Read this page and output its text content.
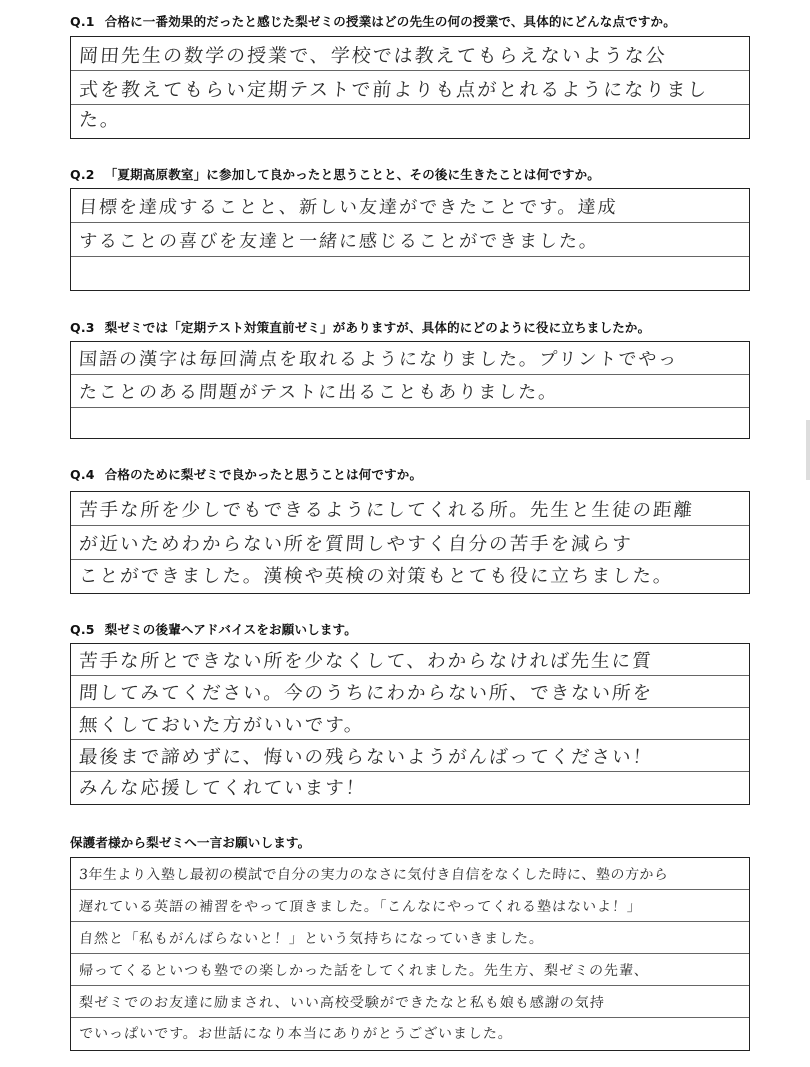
Q.1 合格に一番効果的だったと感じた梨ゼミの授業はどの先生の何の授業で、具体的にどんな点ですか。
岡田先生の数学の授業で、学校では教えてもらえないような公
式を教えてもらい定期テストで前よりも点がとれるようになりまし
た。
Q.2 「夏期高原教室」に参加して良かったと思うことと、その後に生きたことは何ですか。
目標を達成することと、新しい友達ができたことです。達成
することの喜びを友達と一緒に感じることができました。
Q.3 梨ゼミでは「定期テスト対策直前ゼミ」がありますが、具体的にどのように役に立ちましたか。
国語の漢字は毎回満点を取れるようになりました。プリントでやっ
たことのある問題がテストに出ることもありました。
Q.4 合格のために梨ゼミで良かったと思うことは何ですか。
苦手な所を少しでもできるようにしてくれる所。先生と生徒の距離
が近いためわからない所を質問しやすく自分の苦手を減らす
ことができました。漢検や英検の対策もとても役に立ちました。
Q.5 梨ゼミの後輩へアドバイスをお願いします。
苦手な所とできない所を少なくして、わからなければ先生に質
問してみてください。今のうちにわからない所、できない所を
無くしておいた方がいいです。
最後まで諦めずに、悔いの残らないようがんばってください！
みんな応援してくれています！
保護者様から梨ゼミへ一言お願いします。
3年生より入塾し最初の模試で自分の実力のなさに気付き自信をなくした時に、塾の方から
遅れている英語の補習をやって頂きました。「こんなにやってくれる塾はないよ！」
自然と「私もがんばらないと！」という気持ちになっていきました。
帰ってくるといつも塾での楽しかった話をしてくれました。先生方、梨ゼミの先輩、
梨ゼミでのお友達に励まされ、いい高校受験ができたなと私も娘も感謝の気持
でいっぱいです。お世話になり本当にありがとうございました。
